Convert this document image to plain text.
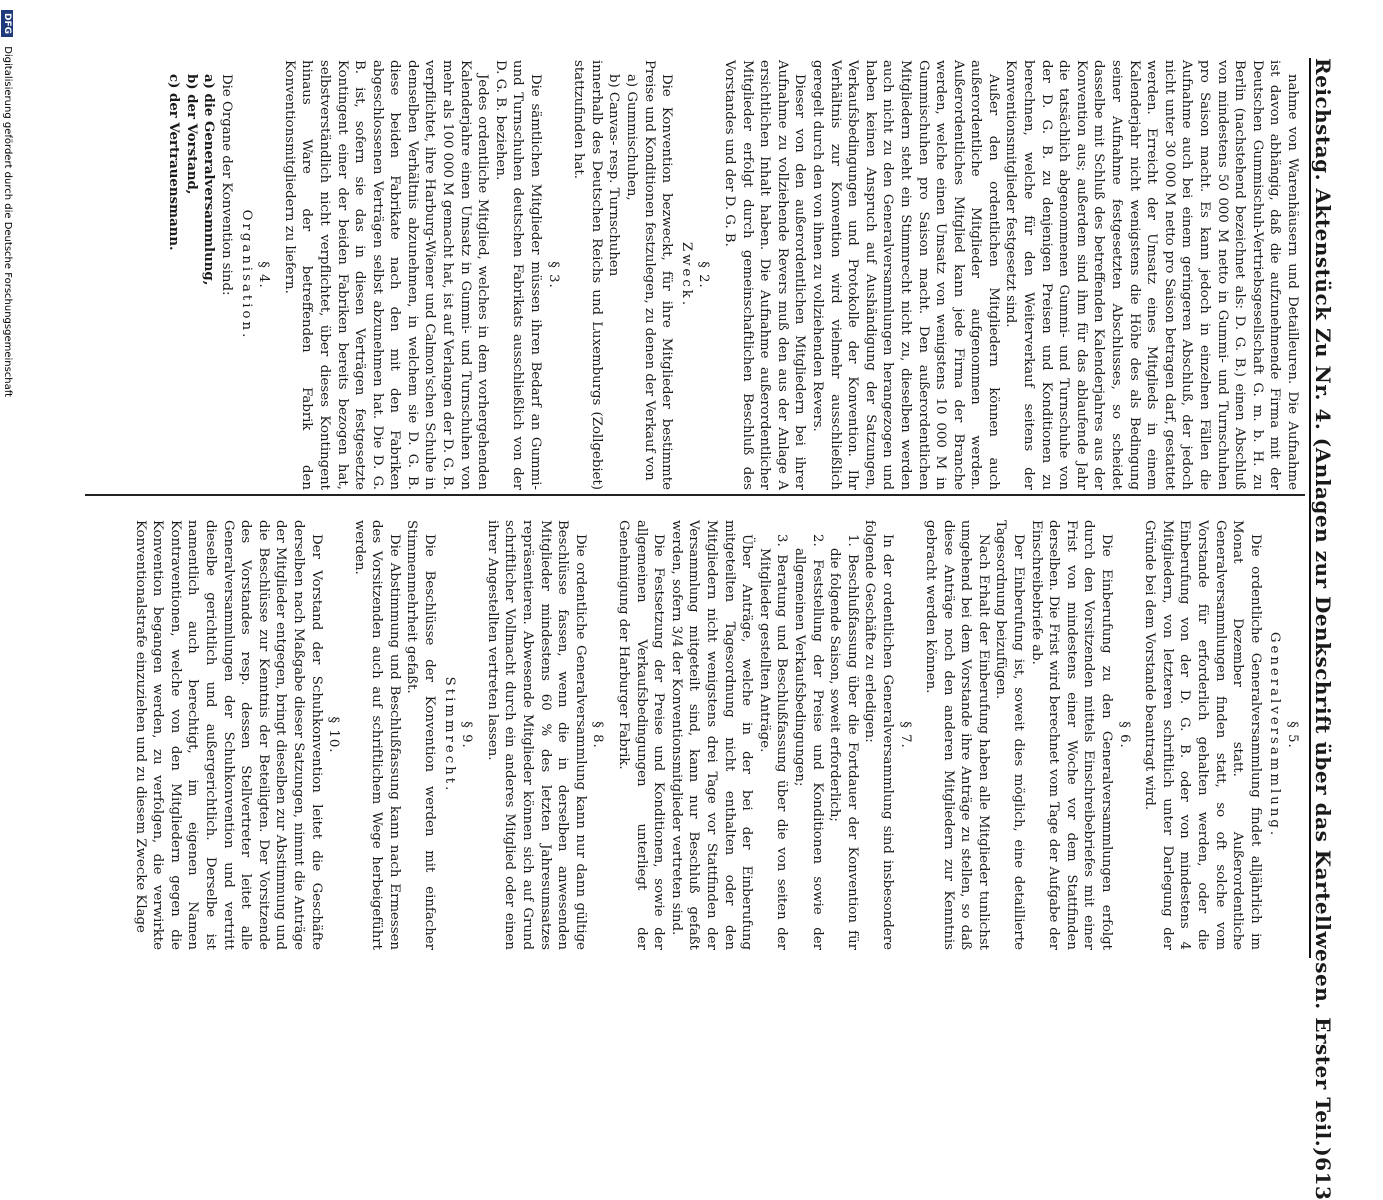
Reichstag. Aktenstück Zu Nr. 4. (Anlagen zur Denkschrift über das Kartellwesen. Erster Teil.)
613

nahme von Warenhäusern und Detailleuren. Die Aufnahme ist davon abhängig, daß die aufzunehmende Firma mit der Deutschen Gummischuh-Vertriebsgesellschaft G. m. b. H. zu Berlin (nachstehend bezeichnet als: D. G. B.) einen Abschluß von mindestens 50 000 M netto in Gummi- und Turnschuhen pro Saison macht. Es kann jedoch in einzelnen Fällen die Aufnahme auch bei einem geringeren Abschluß, der jedoch nicht unter 30 000 M netto pro Saison betragen darf, gestattet werden. Erreicht der Umsatz eines Mitglieds in einem Kalenderjahr nicht wenigstens die Höhe des als Bedingung seiner Aufnahme festgesetzten Abschlusses, so scheidet dasselbe mit Schluß des betreffenden Kalenderjahres aus der Konvention aus; außerdem sind ihm für das ablaufende Jahr die tatsächlich abgenommenen Gummi- und Turnschuhe von der D. G. B. zu denjenigen Preisen und Konditionen zu berechnen, welche für den Weiterverkauf seitens der Konventionsmitglieder festgesetzt sind.

Außer den ordentlichen Mitgliedern können auch außerordentliche Mitglieder aufgenommen werden. Außerordentliches Mitglied kann jede Firma der Branche werden, welche einen Umsatz von wenigstens 10 000 M in Gummischuhen pro Saison macht. Den außerordentlichen Mitgliedern steht ein Stimmrecht nicht zu, dieselben werden auch nicht zu den Generalversammlungen herangezogen und haben keinen Anspruch auf Aushändigung der Satzungen, Verkaufsbedingungen und Protokolle der Konvention. Ihr Verhältnis zur Konvention wird vielmehr ausschließlich geregelt durch den von ihnen zu vollziehenden Revers.

Dieser von den außerordentlichen Mitgliedern bei ihrer Aufnahme zu vollziehende Revers muß den aus der Anlage A ersichtlichen Inhalt haben. Die Aufnahme außerordentlicher Mitglieder erfolgt durch gemeinschaftlichen Beschluß des Vorstandes und der D. G. B.

§ 2.
Zweck.

Die Konvention bezweckt, für ihre Mitglieder bestimmte Preise und Konditionen festzulegen, zu denen der Verkauf von

a) Gummischuhen,
b) Canvas- resp. Turnschuhen

innerhalb des Deutschen Reichs und Luxemburgs (Zollgebiet) stattzufinden hat.

§ 3.

Die sämtlichen Mitglieder müssen ihren Bedarf an Gummi- und Turnschuhen deutschen Fabrikats ausschließlich von der D. G. B. beziehen.

Jedes ordentliche Mitglied, welches in dem vorhergehenden Kalenderjahre einen Umsatz in Gummi- und Turnschuhen von mehr als 100 000 M gemacht hat, ist auf Verlangen der D. G. B. verpflichtet, ihre Harburg-Wiener und Calmon'schen Schuhe in demselben Verhältnis abzunehmen, in welchem sie D. G. B. diese beiden Fabrikate nach den mit den Fabriken abgeschlossenen Verträgen selbst abzunehmen hat. Die D. G. B. ist, sofern sie das in diesen Verträgen festgesetzte Kontingent einer der beiden Fabriken bereits bezogen hat, selbstverständlich nicht verpflichtet, über dieses Kontingent hinaus Ware der betreffenden Fabrik den Konventionsmitgliedern zu liefern.

§ 4.
Organisation.

Die Organe der Konvention sind:

a) die Generalversammlung,
b) der Vorstand,
c) der Vertrauensmann.
§ 5.
Generalversammlung.

Die ordentliche Generalversammlung findet alljährlich im Monat Dezember statt. Außerordentliche Generalversammlungen finden statt, so oft solche vom Vorstande für erforderlich gehalten werden, oder die Einberufung von der D. G. B. oder von mindestens 4 Mitgliedern, von letzteren schriftlich unter Darlegung der Gründe bei dem Vorstande beantragt wird.

§ 6.

Die Einberufung zu den Generalversammlungen erfolgt durch den Vorsitzenden mittels Einschreibebriefes mit einer Frist von mindestens einer Woche vor dem Stattfinden derselben. Die Frist wird berechnet vom Tage der Aufgabe der Einschreibebriefe ab.

Der Einberufung ist, soweit dies möglich, eine detaillierte Tagesordnung beizufügen.

Nach Erhalt der Einberufung haben alle Mitglieder tunlichst umgehend bei dem Vorstande ihre Anträge zu stellen, so daß diese Anträge noch den anderen Mitgliedern zur Kenntnis gebracht werden können.

§ 7.

In der ordentlichen Generalversammlung sind insbesondere folgende Geschäfte zu erledigen:

1. Beschlußfassung über die Fortdauer der Konvention für die folgende Saison, soweit erforderlich;
2. Feststellung der Preise und Konditionen sowie der allgemeinen Verkaufsbedingungen;
3. Beratung und Beschlußfassung über die von seiten der Mitglieder gestellten Anträge.

Über Anträge, welche in der bei der Einberufung mitgeteilten Tagesordnung nicht enthalten oder den Mitgliedern nicht wenigstens drei Tage vor Stattfinden der Versammlung mitgeteilt sind, kann nur Beschluß gefaßt werden, sofern 3/4 der Konventionsmitglieder vertreten sind.

Die Festsetzung der Preise und Konditionen, sowie der allgemeinen Verkaufsbedingungen unterliegt der Genehmigung der Harburger Fabrik.

§ 8.

Die ordentliche Generalversammlung kann nur dann gültige Beschlüsse fassen, wenn die in derselben anwesenden Mitglieder mindestens 60 % des letzten Jahresumsatzes repräsentieren. Abwesende Mitglieder können sich auf Grund schriftlicher Vollmacht durch ein anderes Mitglied oder einen ihrer Angestellten vertreten lassen.

§ 9.
Stimmrecht.

Die Beschlüsse der Konvention werden mit einfacher Stimmenmehrheit gefaßt.

Die Abstimmung und Beschlußfassung kann nach Ermessen des Vorsitzenden auch auf schriftlichem Wege herbeigeführt werden.

§ 10.

Der Vorstand der Schuhkonvention leitet die Geschäfte derselben nach Maßgabe dieser Satzungen, nimmt die Anträge der Mitglieder entgegen, bringt dieselben zur Abstimmung und die Beschlüsse zur Kenntnis der Beteiligten. Der Vorsitzende des Vorstandes resp. dessen Stellvertreter leitet alle Generalversammlungen der Schuhkonvention und vertritt dieselbe gerichtlich und außergerichtlich. Derselbe ist namentlich auch berechtigt, im eigenen Namen Kontraventionen, welche von den Mitgliedern gegen die Konvention begangen werden, zu verfolgen, die verwirkte Konventionalstrafe einzuziehen und zu diesem Zwecke Klage

DFG Digitalisierung gefördert durch die Deutsche Forschungsgemeinschaft
